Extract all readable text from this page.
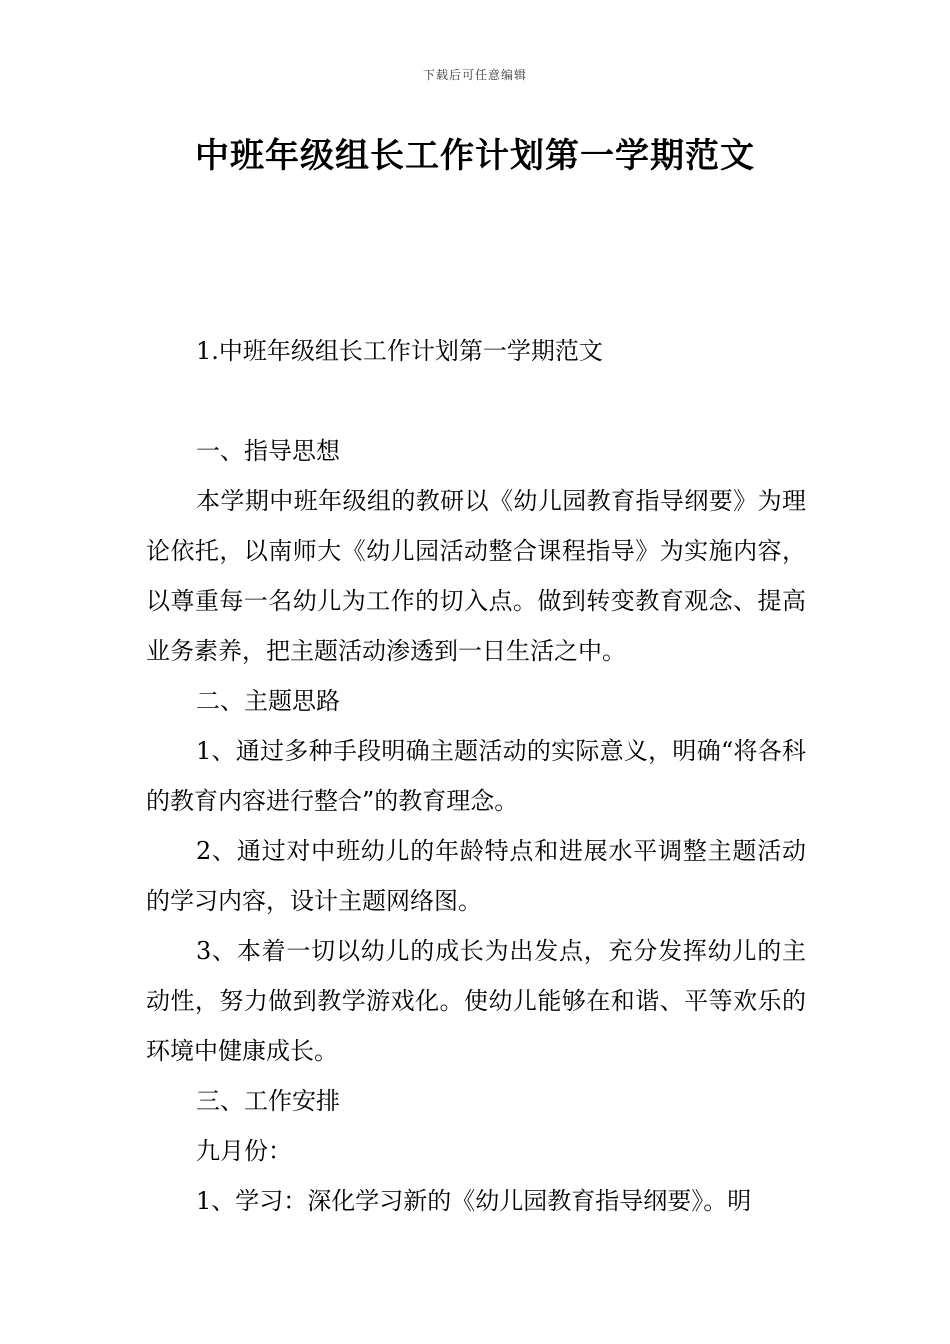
下载后可任意编辑
中班年级组长工作计划第一学期范文

1.中班年级组长工作计划第一学期范文

一、指导思想

本学期中班年级组的教研以《幼儿园教育指导纲要》为理论依托，以南师大《幼儿园活动整合课程指导》为实施内容，以尊重每一名幼儿为工作的切入点。做到转变教育观念、提高业务素养，把主题活动渗透到一日生活之中。

二、主题思路

1、通过多种手段明确主题活动的实际意义，明确“将各科的教育内容进行整合”的教育理念。

2、通过对中班幼儿的年龄特点和进展水平调整主题活动的学习内容，设计主题网络图。

3、本着一切以幼儿的成长为出发点，充分发挥幼儿的主动性，努力做到教学游戏化。使幼儿能够在和谐、平等欢乐的环境中健康成长。

三、工作安排

九月份：

1、学习：深化学习新的《幼儿园教育指导纲要》。明
